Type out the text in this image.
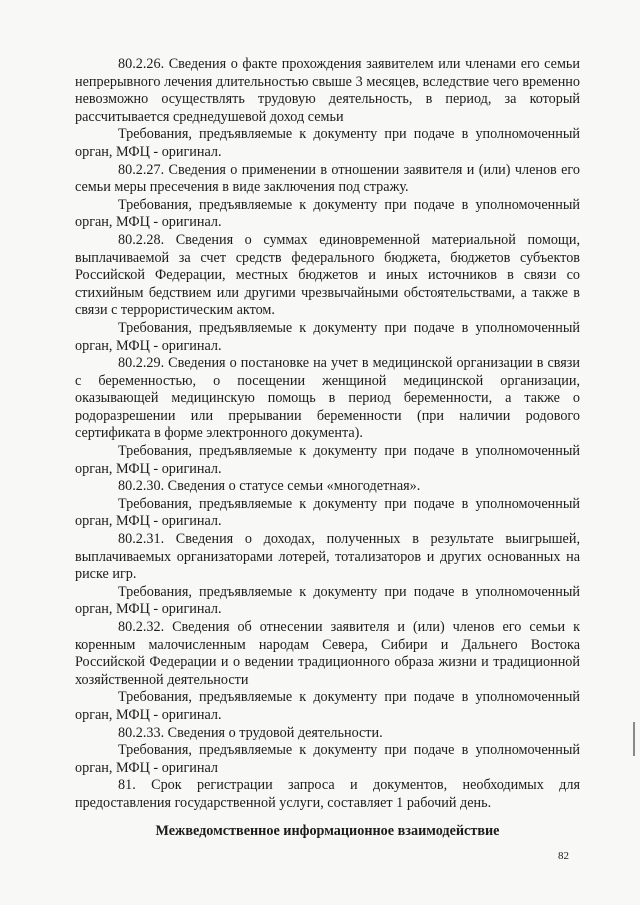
80.2.26. Сведения о факте прохождения заявителем или членами его семьи непрерывного лечения длительностью свыше 3 месяцев, вследствие чего временно невозможно осуществлять трудовую деятельность, в период, за который рассчитывается среднедушевой доход семьи

Требования, предъявляемые к документу при подаче в уполномоченный орган, МФЦ - оригинал.

80.2.27. Сведения о применении в отношении заявителя и (или) членов его семьи меры пресечения в виде заключения под стражу.

Требования, предъявляемые к документу при подаче в уполномоченный орган, МФЦ - оригинал.

80.2.28. Сведения о суммах единовременной материальной помощи, выплачиваемой за счет средств федерального бюджета, бюджетов субъектов Российской Федерации, местных бюджетов и иных источников в связи со стихийным бедствием или другими чрезвычайными обстоятельствами, а также в связи с террористическим актом.

Требования, предъявляемые к документу при подаче в уполномоченный орган, МФЦ - оригинал.

80.2.29. Сведения о постановке на учет в медицинской организации в связи с беременностью, о посещении женщиной медицинской организации, оказывающей медицинскую помощь в период беременности, а также о родоразрешении или прерывании беременности (при наличии родового сертификата в форме электронного документа).

Требования, предъявляемые к документу при подаче в уполномоченный орган, МФЦ - оригинал.

80.2.30. Сведения о статусе семьи «многодетная».

Требования, предъявляемые к документу при подаче в уполномоченный орган, МФЦ - оригинал.

80.2.31. Сведения о доходах, полученных в результате выигрышей, выплачиваемых организаторами лотерей, тотализаторов и других основанных на риске игр.

Требования, предъявляемые к документу при подаче в уполномоченный орган, МФЦ - оригинал.

80.2.32. Сведения об отнесении заявителя и (или) членов его семьи к коренным малочисленным народам Севера, Сибири и Дальнего Востока Российской Федерации и о ведении традиционного образа жизни и традиционной хозяйственной деятельности

Требования, предъявляемые к документу при подаче в уполномоченный орган, МФЦ - оригинал.

80.2.33. Сведения о трудовой деятельности.

Требования, предъявляемые к документу при подаче в уполномоченный орган, МФЦ - оригинал

81. Срок регистрации запроса и документов, необходимых для предоставления государственной услуги, составляет 1 рабочий день.

Межведомственное информационное взаимодействие
82
